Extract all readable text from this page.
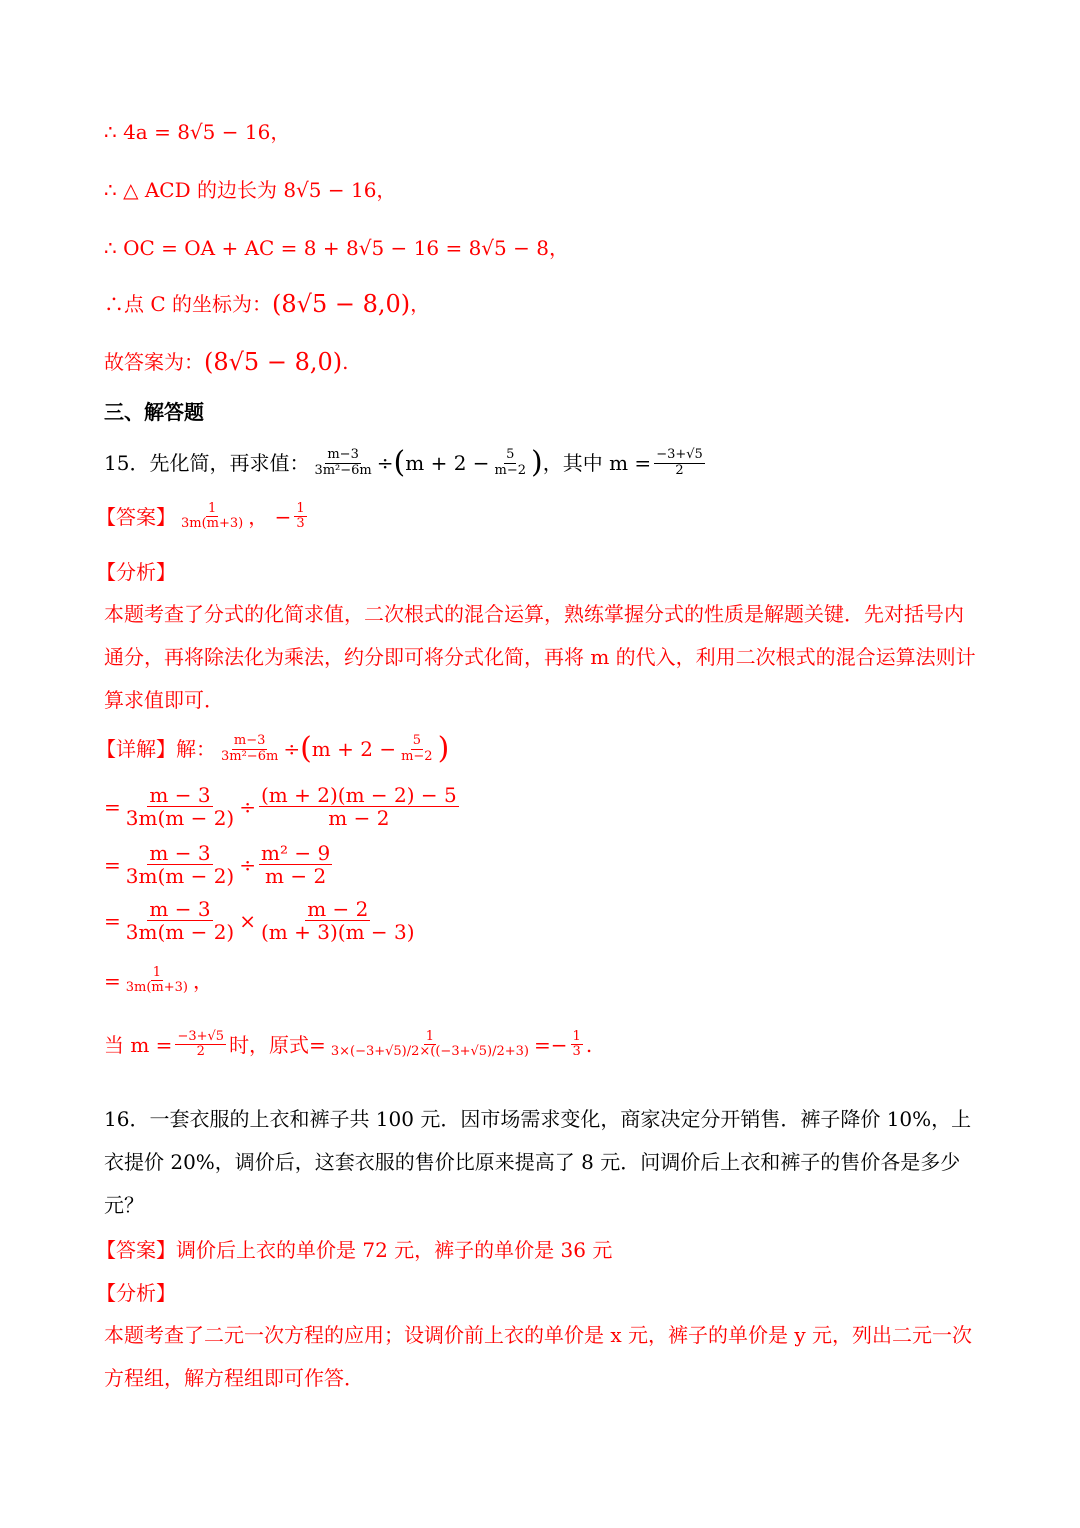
∴ 4a = 8√5 − 16，
∴ △ ACD 的边长为 8√5 − 16，
∴ OC = OA + AC = 8 + 8√5 − 16 = 8√5 − 8，
∴点 C 的坐标为： (8√5 − 8,0) ，
故答案为： (8√5 − 8,0) .
三、解答题
15．先化简，再求值： $\frac{m-3}{\text{3m²−6m}}$ ÷ ( $m + 2 - \frac{5}{m-2}$ ) ，其中 $m = \frac{-3+√5}{2}$
【答案】 $\frac{1}{3m(m+3)}$ ， − $\frac{1}{3}$
【分析】
本题考查了分式的化简求值，二次根式的混合运算，熟练掌握分式的性质是解题关键．先对括号内通分，再将除法化为乘法，约分即可将分式化简，再将 m 的代入，利用二次根式的混合运算法则计算求值即可．
【详解】 解： $\frac{m-3}{\text{3m²−6m}}$ ÷ ( $m + 2 - \frac{5}{m-2}$ )
= $\frac{m - 3}{3m(m - 2)} \div \frac{(m + 2)(m - 2) - 5}{m - 2}$
= $\frac{m - 3}{3m(m - 2)} \div \frac{\text{m² − 9}}{m - 2}$
= $\frac{m - 3}{3m(m - 2)} \times \frac{m - 2}{(m + 3)(m - 3)}$
= $\frac{1}{3m(m+3)}$ ，
当 $m = \frac{-3+√5}{2}$ 时，原式= $\frac{1}{3\times(-3+√5)/2\times((-3+√5)/2+3)} =- \frac{1}{3}$ .
16．一套衣服的上衣和裤子共 100 元．因市场需求变化，商家决定分开销售．裤子降价 10%，上衣提价 20%，调价后，这套衣服的售价比原来提高了 8 元．问调价后上衣和裤子的售价各是多少元？
【答案】 调价后上衣的单价是 72 元，裤子的单价是 36 元
【分析】
本题考查了二元一次方程的应用；设调价前上衣的单价是 x 元，裤子的单价是 y 元，列出二元一次方程组，解方程组即可作答．
